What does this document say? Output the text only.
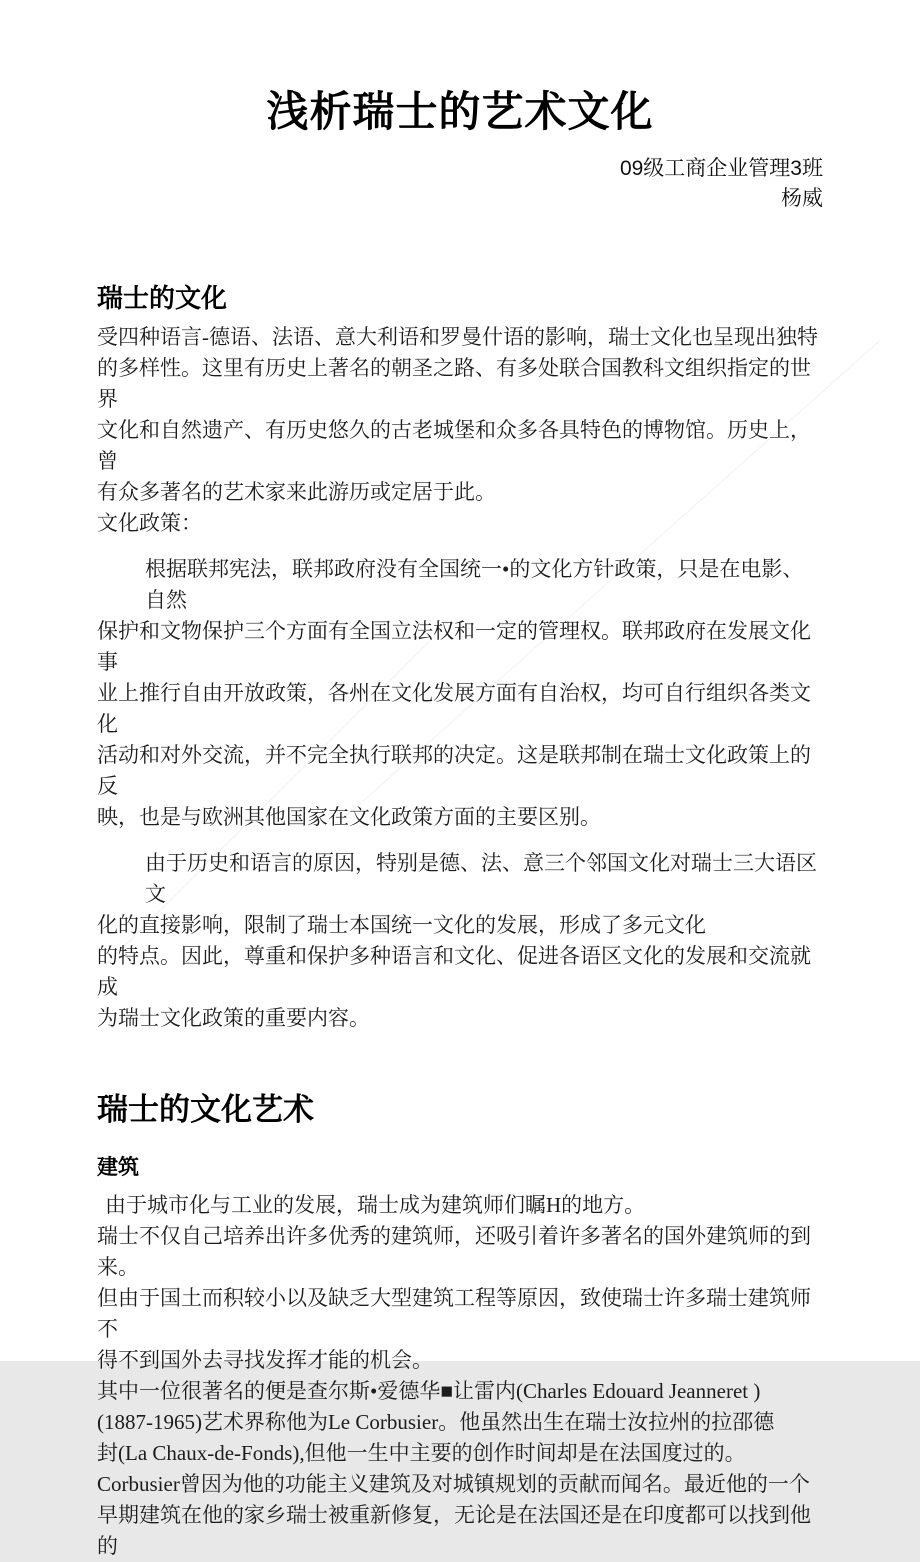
浅析瑞士的艺术文化
09级工商企业管理3班
杨威
瑞士的文化
受四种语言-德语、法语、意大利语和罗曼什语的影响，瑞士文化也呈现出独特
的多样性。这里有历史上著名的朝圣之路、有多处联合国教科文组织指定的世界
文化和自然遗产、有历史悠久的古老城堡和众多各具特色的博物馆。历史上，曾
有众多著名的艺术家来此游历或定居于此。
文化政策：
根据联邦宪法，联邦政府没有全国统一•的文化方针政策，只是在电影、自然
保护和文物保护三个方面有全国立法权和一定的管理权。联邦政府在发展文化事
业上推行自由开放政策，各州在文化发展方面有自治权，均可自行组织各类文化
活动和对外交流，并不完全执行联邦的决定。这是联邦制在瑞士文化政策上的反
映，也是与欧洲其他国家在文化政策方面的主要区别。
由于历史和语言的原因，特别是德、法、意三个邻国文化对瑞士三大语区文
化的直接影响，限制了瑞士本国统一文化的发展，形成了多元文化
的特点。因此，尊重和保护多种语言和文化、促进各语区文化的发展和交流就成
为瑞士文化政策的重要内容。
瑞士的文化艺术
建筑
由于城市化与工业的发展，瑞士成为建筑师们瞩H的地方。
瑞士不仅自己培养出许多优秀的建筑师，还吸引着许多著名的国外建筑师的到
来。
但由于国土而积较小以及缺乏大型建筑工程等原因，致使瑞士许多瑞士建筑师不
得不到国外去寻找发挥才能的机会。
其中一位很著名的便是查尔斯•爱德华■让雷内(Charles Edouard Jeanneret )
(1887-1965)艺术界称他为Le Corbusier。他虽然出生在瑞士汝拉州的拉邵德
封(La Chaux-de-Fonds),但他一生中主要的创作时间却是在法国度过的。
Corbusier曾因为他的功能主义建筑及对城镇规划的贡献而闻名。最近他的一个
早期建筑在他的家乡瑞士被重新修复，无论是在法国还是在印度都可以找到他的
